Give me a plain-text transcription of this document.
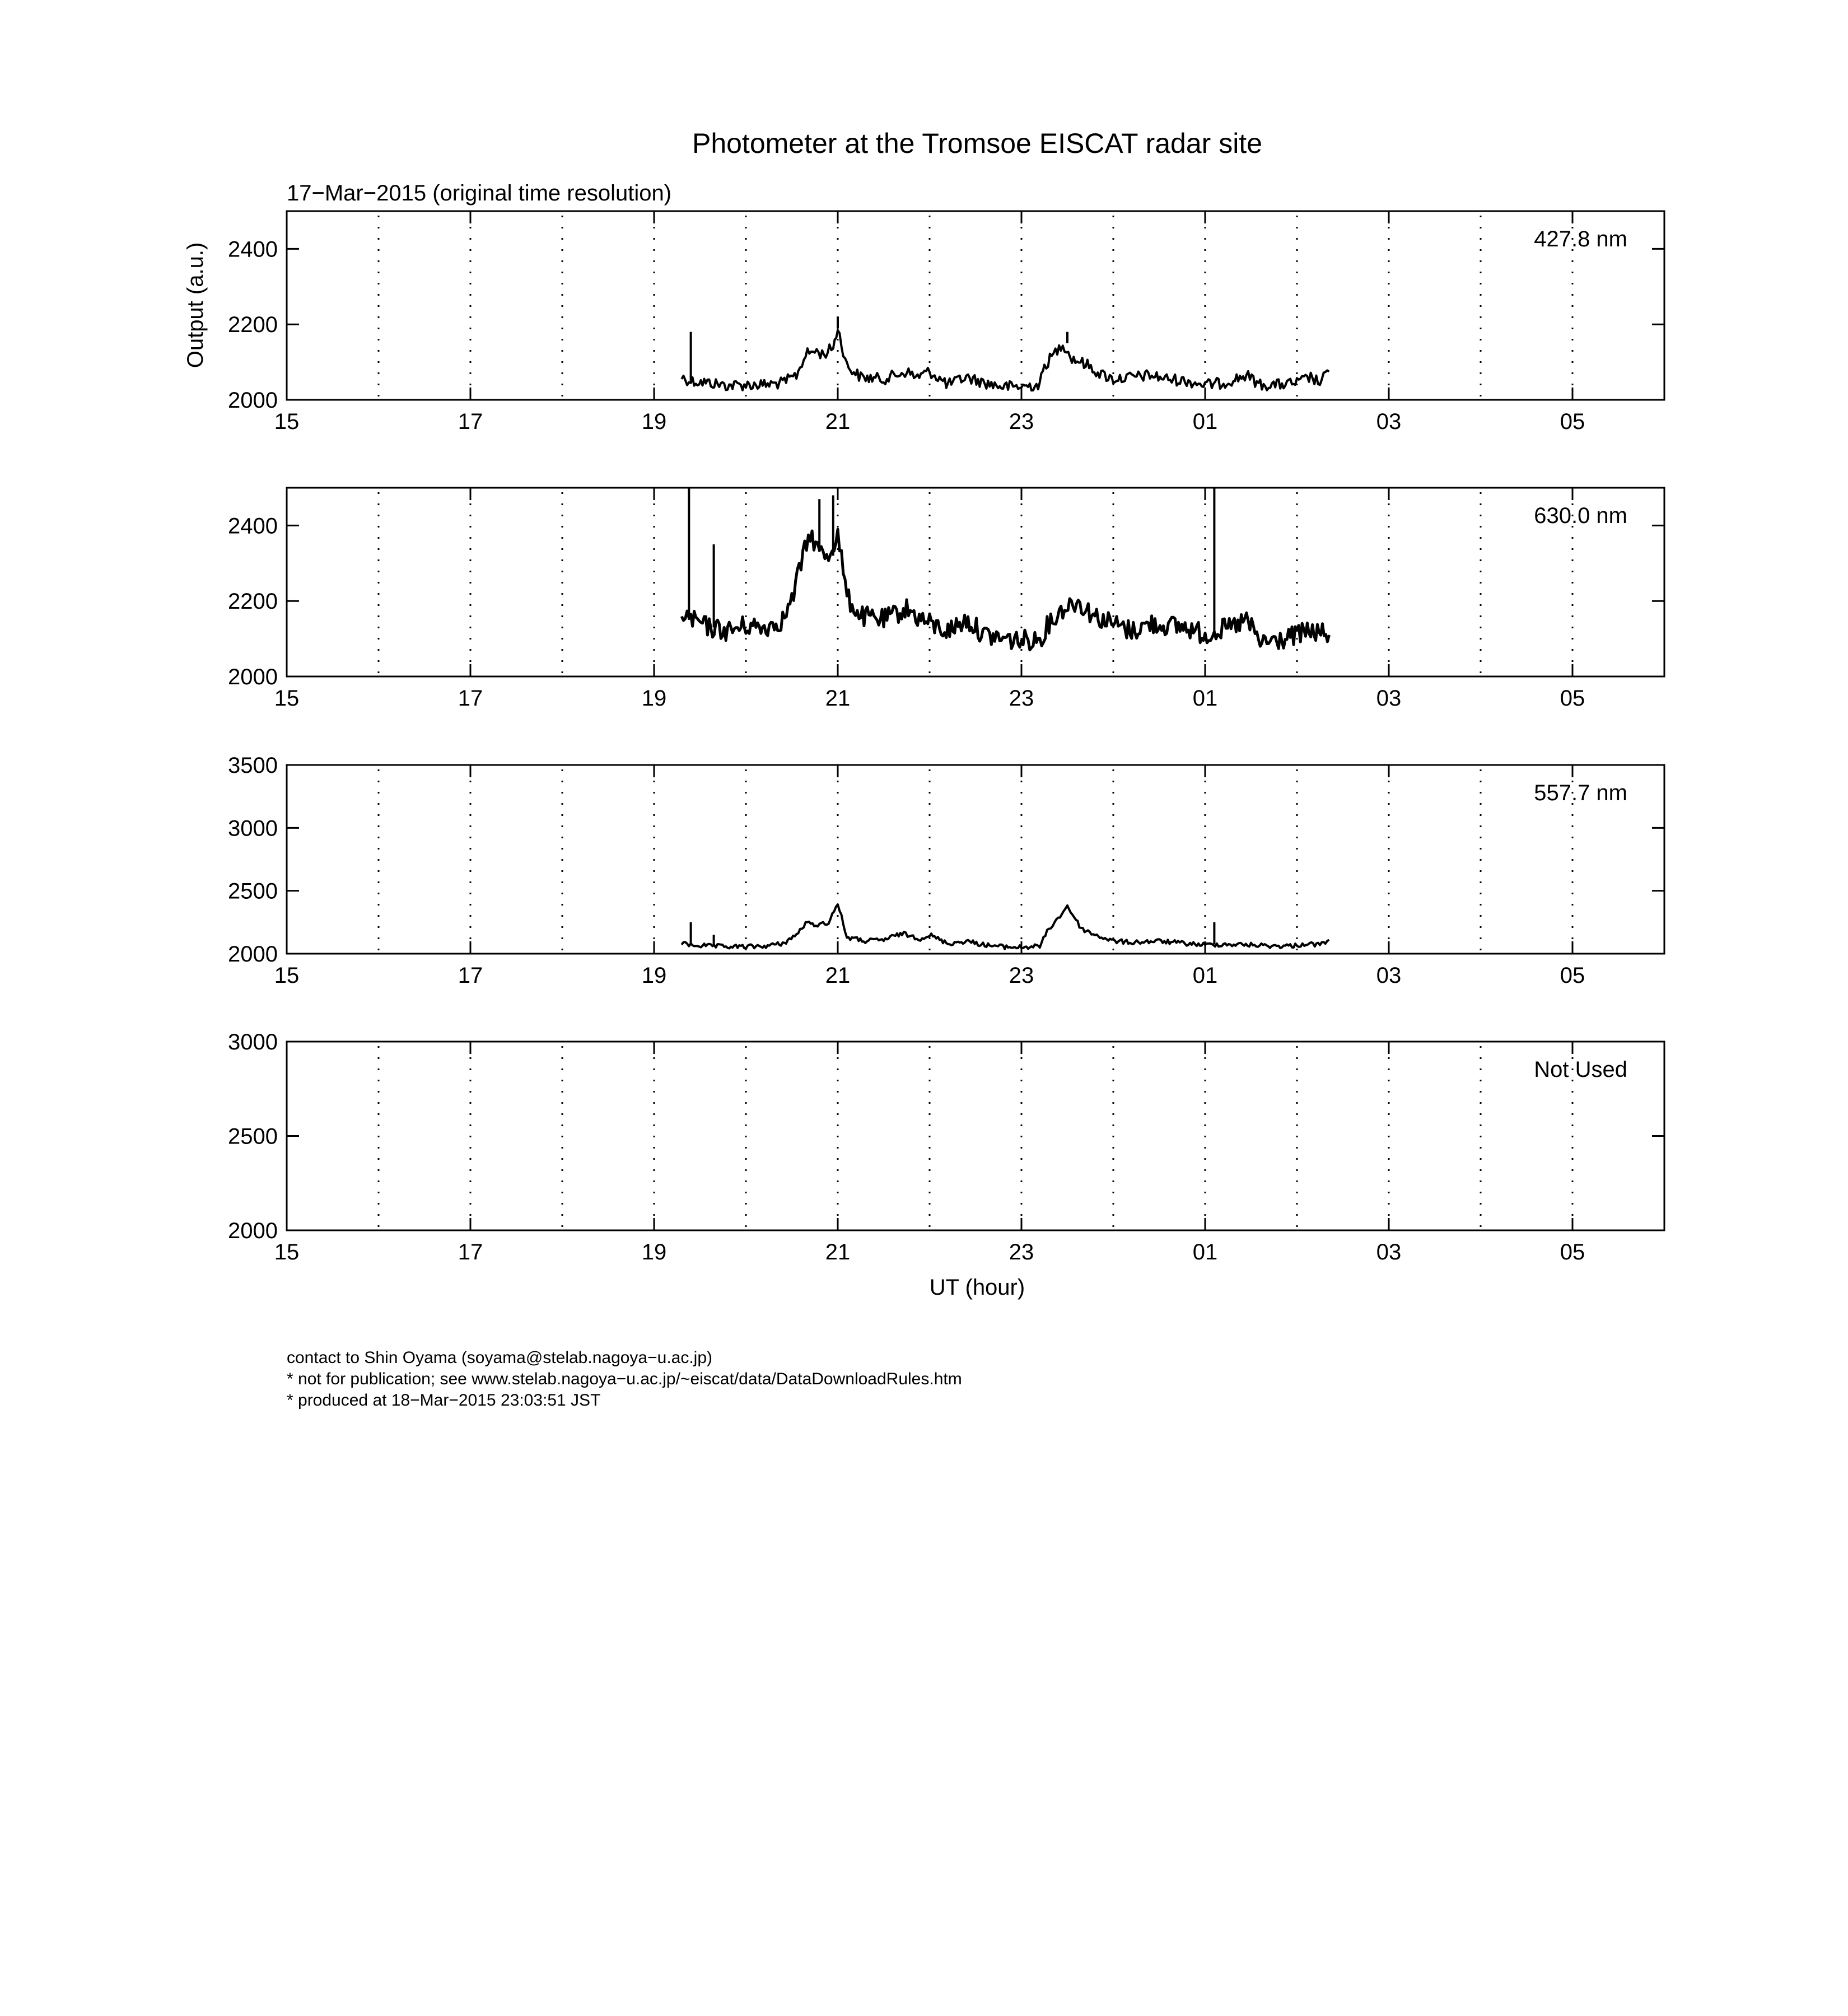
Photometer at the Tromsoe EISCAT radar site
17−Mar−2015 (original time resolution)
Output (a.u.)
UT (hour)
15	17	19	21	23	01	03	05
2000
2200
2400	427.8 nm
15	17	19	21	23	01	03	05
2000
2200
2400	630.0 nm
15	17	19	21	23	01	03	05
2000
2500
3000
3500
557.7 nm
15	17	19	21	23	01	03	05
2000
2500
3000
Not Used
contact to Shin Oyama (soyama@stelab.nagoya−u.ac.jp)
* not for publication; see www.stelab.nagoya−u.ac.jp/~eiscat/data/DataDownloadRules.htm
* produced at 18−Mar−2015 23:03:51 JST
